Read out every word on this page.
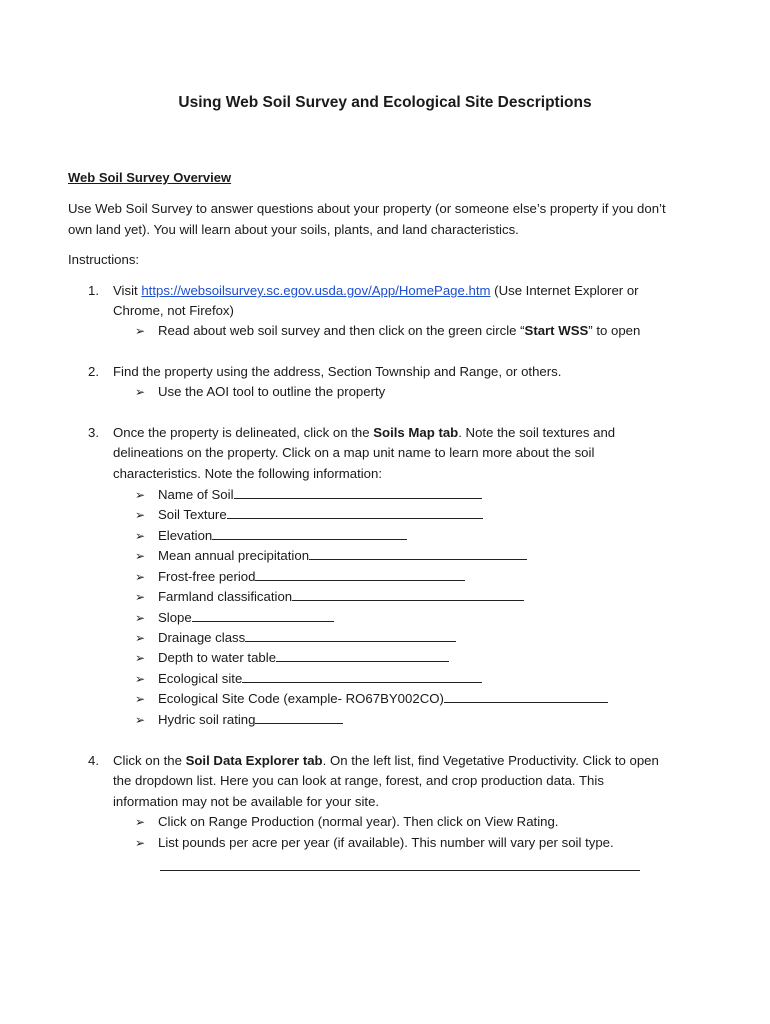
Using Web Soil Survey and Ecological Site Descriptions
Web Soil Survey Overview
Use Web Soil Survey to answer questions about your property (or someone else’s property if you don’t
own land yet). You will learn about your soils, plants, and land characteristics.
Instructions:
1. Visit https://websoilsurvey.sc.egov.usda.gov/App/HomePage.htm (Use Internet Explorer or
Chrome, not Firefox)
➢ Read about web soil survey and then click on the green circle “Start WSS” to open
2. Find the property using the address, Section Township and Range, or others.
➢ Use the AOI tool to outline the property
3. Once the property is delineated, click on the Soils Map tab. Note the soil textures and
delineations on the property. Click on a map unit name to learn more about the soil
characteristics. Note the following information:
➢ Name of Soil
➢ Soil Texture
➢ Elevation
➢ Mean annual precipitation
➢ Frost-free period
➢ Farmland classification
➢ Slope
➢ Drainage class
➢ Depth to water table
➢ Ecological site
➢ Ecological Site Code (example- RO67BY002CO)
➢ Hydric soil rating
4. Click on the Soil Data Explorer tab. On the left list, find Vegetative Productivity. Click to open
the dropdown list. Here you can look at range, forest, and crop production data. This
information may not be available for your site.
➢ Click on Range Production (normal year). Then click on View Rating.
➢ List pounds per acre per year (if available). This number will vary per soil type.
